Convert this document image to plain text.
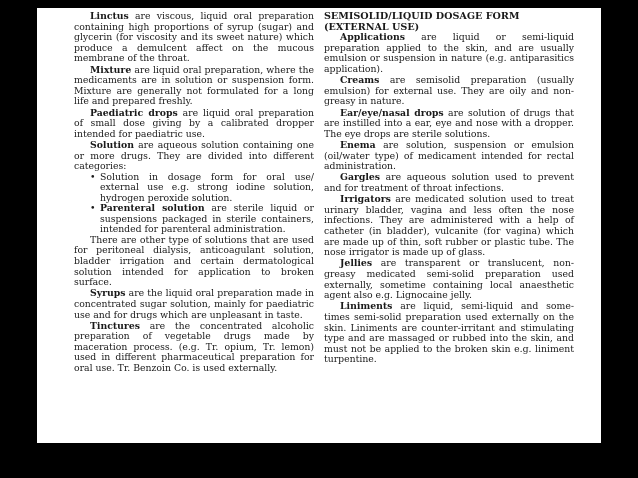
Linctus are viscous, liquid oral preparation containing high proportions of syrup (sugar) and glycerin (for viscosity and its sweet nature) which produce a demulcent affect on the mucous membrane of the throat.

Mixture are liquid oral preparation, where the medicaments are in solution or suspension form. Mixture are generally not formulated for a long life and prepared freshly.

Paediatric drops are liquid oral preparation of small dose giving by a calibrated dropper intended for paediatric use.

Solution are aqueous solution containing one or more drugs. They are divided into different categories:

• Solution in dosage form for oral use/ external use e.g. strong iodine solution, hydrogen peroxide solution.
• Parenteral solution are sterile liquid or suspensions packaged in sterile containers, intended for parenteral administration.

There are other type of solutions that are used for peritoneal dialysis, anticoagulant solution, bladder irrigation and certain dermatological solution intended for application to broken surface.

Syrups are the liquid oral preparation made in concentrated sugar solution, mainly for paediatric use and for drugs which are unpleasant in taste.

Tinctures are the concentrated alcoholic preparation of vegetable drugs made by maceration process. (e.g. Tr. opium, Tr. lemon) used in different pharmaceutical preparation for oral use. Tr. Benzoin Co. is used externally.

SEMISOLID/LIQUID DOSAGE FORM
(EXTERNAL USE)

Applications are liquid or semi-liquid preparation applied to the skin, and are usually emulsion or suspension in nature (e.g. antiparasitics application).

Creams are semisolid preparation (usually emulsion) for external use. They are oily and non-greasy in nature.

Ear/eye/nasal drops are solution of drugs that are instilled into a ear, eye and nose with a dropper. The eye drops are sterile solutions.

Enema are solution, suspension or emulsion (oil/water type) of medicament intended for rectal administration.

Gargles are aqueous solution used to prevent and for treatment of throat infections.

Irrigators are medicated solution used to treat urinary bladder, vagina and less often the nose infections. They are administered with a help of catheter (in bladder), vulcanite (for vagina) which are made up of thin, soft rubber or plastic tube. The nose irrigator is made up of glass.

Jellies are transparent or translucent, non-greasy medicated semi-solid preparation used externally, sometime containing local anaesthetic agent also e.g. Lignocaine jelly.

Liniments are liquid, semi-liquid and some-times semi-solid preparation used externally on the skin. Liniments are counter-irritant and stimulating type and are massaged or rubbed into the skin, and must not be applied to the broken skin e.g. liniment turpentine.
